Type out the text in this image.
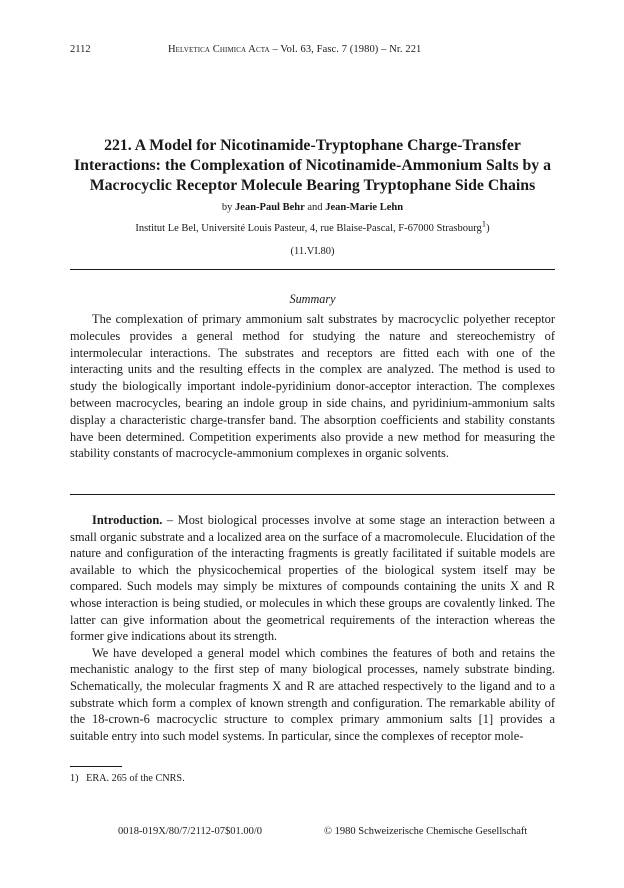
2112	Helvetica Chimica Acta – Vol. 63, Fasc. 7 (1980) – Nr. 221
221. A Model for Nicotinamide-Tryptophane Charge-Transfer Interactions: the Complexation of Nicotinamide-Ammonium Salts by a Macrocyclic Receptor Molecule Bearing Tryptophane Side Chains
by Jean-Paul Behr and Jean-Marie Lehn
Institut Le Bel, Université Louis Pasteur, 4, rue Blaise-Pascal, F-67000 Strasbourg$^1$)
(11.VI.80)
Summary

The complexation of primary ammonium salt substrates by macrocyclic polyether receptor molecules provides a general method for studying the nature and stereochemistry of intermolecular interactions. The substrates and receptors are fitted each with one of the interacting units and the resulting effects in the complex are analyzed. The method is used to study the biologically important indole-pyridinium donor-acceptor interaction. The complexes between macrocycles, bearing an indole group in side chains, and pyridinium-ammonium salts display a characteristic charge-transfer band. The absorption coefficients and stability constants have been determined. Competition experiments also provide a new method for measuring the stability constants of macrocycle-ammonium complexes in organic solvents.

Introduction. – Most biological processes involve at some stage an interaction between a small organic substrate and a localized area on the surface of a macromolecule. Elucidation of the nature and configuration of the interacting fragments is greatly facilitated if suitable models are available to which the physicochemical properties of the biological system itself may be compared. Such models may simply be mixtures of compounds containing the units X and R whose interaction is being studied, or molecules in which these groups are covalently linked. The latter can give information about the geometrical requirements of the interaction whereas the former give indications about its strength.

We have developed a general model which combines the features of both and retains the mechanistic analogy to the first step of many biological processes, namely substrate binding. Schematically, the molecular fragments X and R are attached respectively to the ligand and to a substrate which form a complex of known strength and configuration. The remarkable ability of the 18-crown-6 macrocyclic structure to complex primary ammonium salts [1] provides a suitable entry into such model systems. In particular, since the complexes of receptor mole-

1) ERA. 265 of the CNRS.
0018-019X/80/7/2112-07$01.00/0	© 1980 Schweizerische Chemische Gesellschaft
